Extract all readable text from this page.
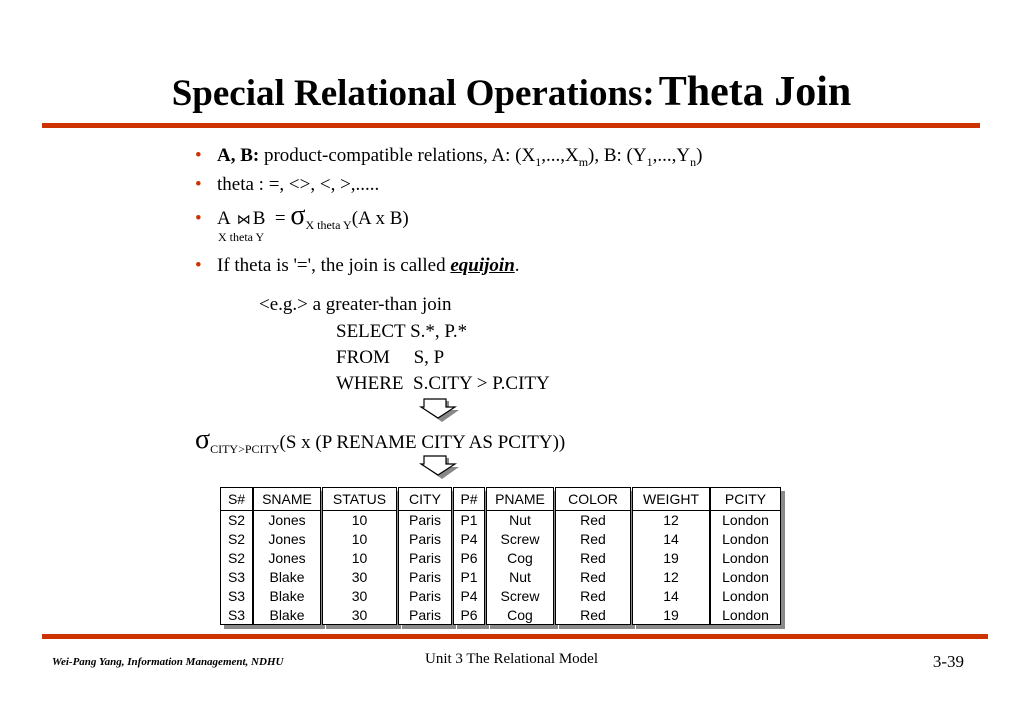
Special Relational Operations: Theta Join
• A, B: product-compatible relations, A: $(X_1,...,X_m)$, B: $(Y_1,...,Y_n)$
• theta : =, <>, <, >,.....
• A ⋈ $B = \sigma_{X theta Y}(A$ x B)
X theta Y
• If theta is '=', the join is called equijoin.
<e.g.> a greater-than join
SELECT S.*, P.*
FROM     S, P
WHERE  S.CITY > P.CITY
$\sigma_{CITY>PCITY}(S$ x (P RENAME CITY AS PCITY))
S#
S2
S2
S2
S3
S3
S3
SNAME
Jones
Jones
Jones
Blake
Blake
Blake
STATUS
10
10
10
30
30
30
CITY
Paris
Paris
Paris
Paris
Paris
Paris
P#
P1
P4
P6
P1
P4
P6
PNAME
Nut
Screw
Cog
Nut
Screw
Cog
COLOR
Red
Red
Red
Red
Red
Red
WEIGHT
12
14
19
12
14
19
PCITY
London
London
London
London
London
London
Wei-Pang Yang, Information Management, NDHU	Unit 3 The Relational Model	3-39
